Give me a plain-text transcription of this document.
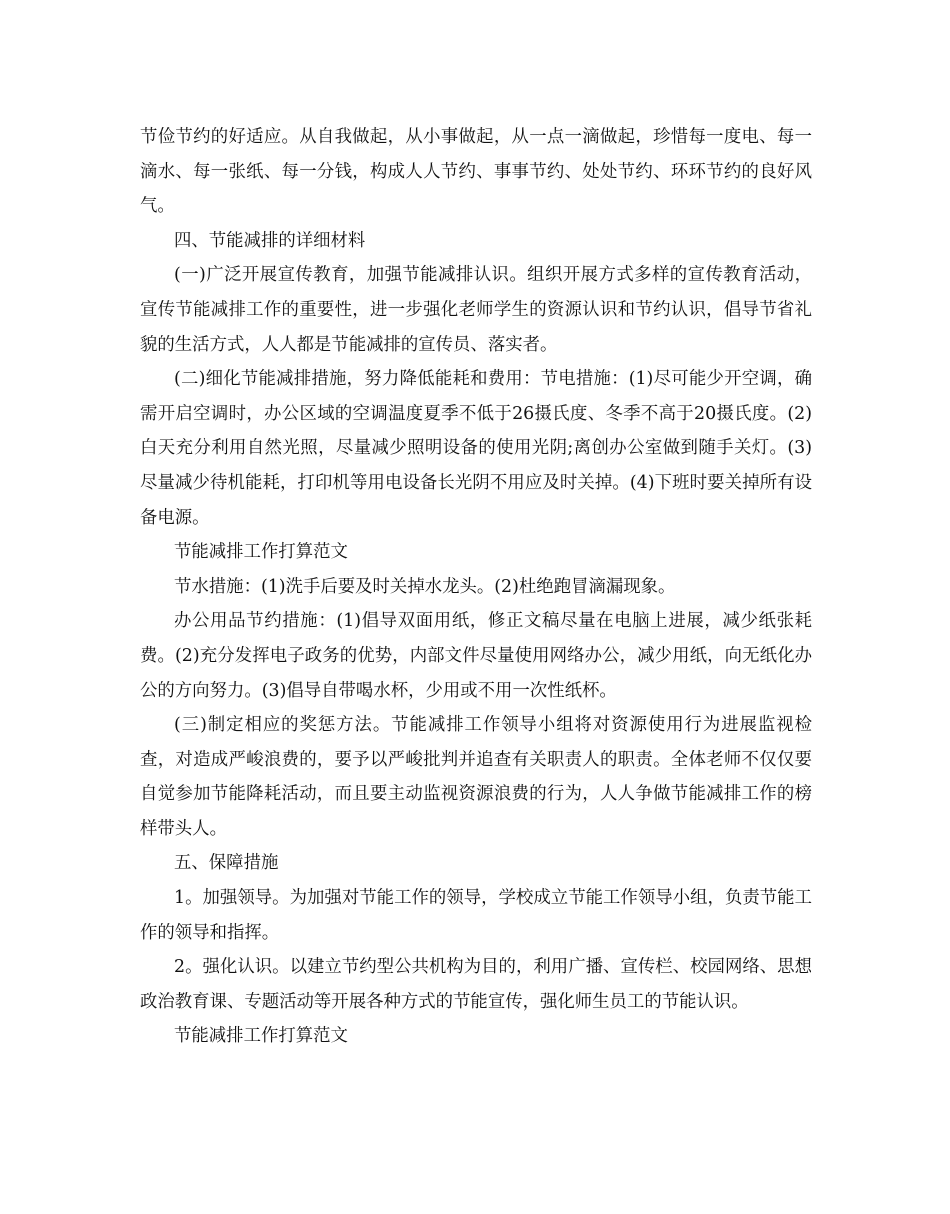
节俭节约的好适应。从自我做起，从小事做起，从一点一滴做起，珍惜每一度电、每一滴水、每一张纸、每一分钱，构成人人节约、事事节约、处处节约、环环节约的良好风气。

四、节能减排的详细材料

(一)广泛开展宣传教育，加强节能减排认识。组织开展方式多样的宣传教育活动，宣传节能减排工作的重要性，进一步强化老师学生的资源认识和节约认识，倡导节省礼貌的生活方式，人人都是节能减排的宣传员、落实者。

(二)细化节能减排措施，努力降低能耗和费用：节电措施：(1)尽可能少开空调，确需开启空调时，办公区域的空调温度夏季不低于26摄氏度、冬季不高于20摄氏度。(2)白天充分利用自然光照，尽量减少照明设备的使用光阴;离创办公室做到随手关灯。(3)尽量减少待机能耗，打印机等用电设备长光阴不用应及时关掉。(4)下班时要关掉所有设备电源。

节能减排工作打算范文

节水措施：(1)洗手后要及时关掉水龙头。(2)杜绝跑冒滴漏现象。

办公用品节约措施：(1)倡导双面用纸，修正文稿尽量在电脑上进展，减少纸张耗费。(2)充分发挥电子政务的优势，内部文件尽量使用网络办公，减少用纸，向无纸化办公的方向努力。(3)倡导自带喝水杯，少用或不用一次性纸杯。

(三)制定相应的奖惩方法。节能减排工作领导小组将对资源使用行为进展监视检查，对造成严峻浪费的，要予以严峻批判并追查有关职责人的职责。全体老师不仅仅要自觉参加节能降耗活动，而且要主动监视资源浪费的行为，人人争做节能减排工作的榜样带头人。

五、保障措施

1。加强领导。为加强对节能工作的领导，学校成立节能工作领导小组，负责节能工作的领导和指挥。

2。强化认识。以建立节约型公共机构为目的，利用广播、宣传栏、校园网络、思想政治教育课、专题活动等开展各种方式的节能宣传，强化师生员工的节能认识。

节能减排工作打算范文
